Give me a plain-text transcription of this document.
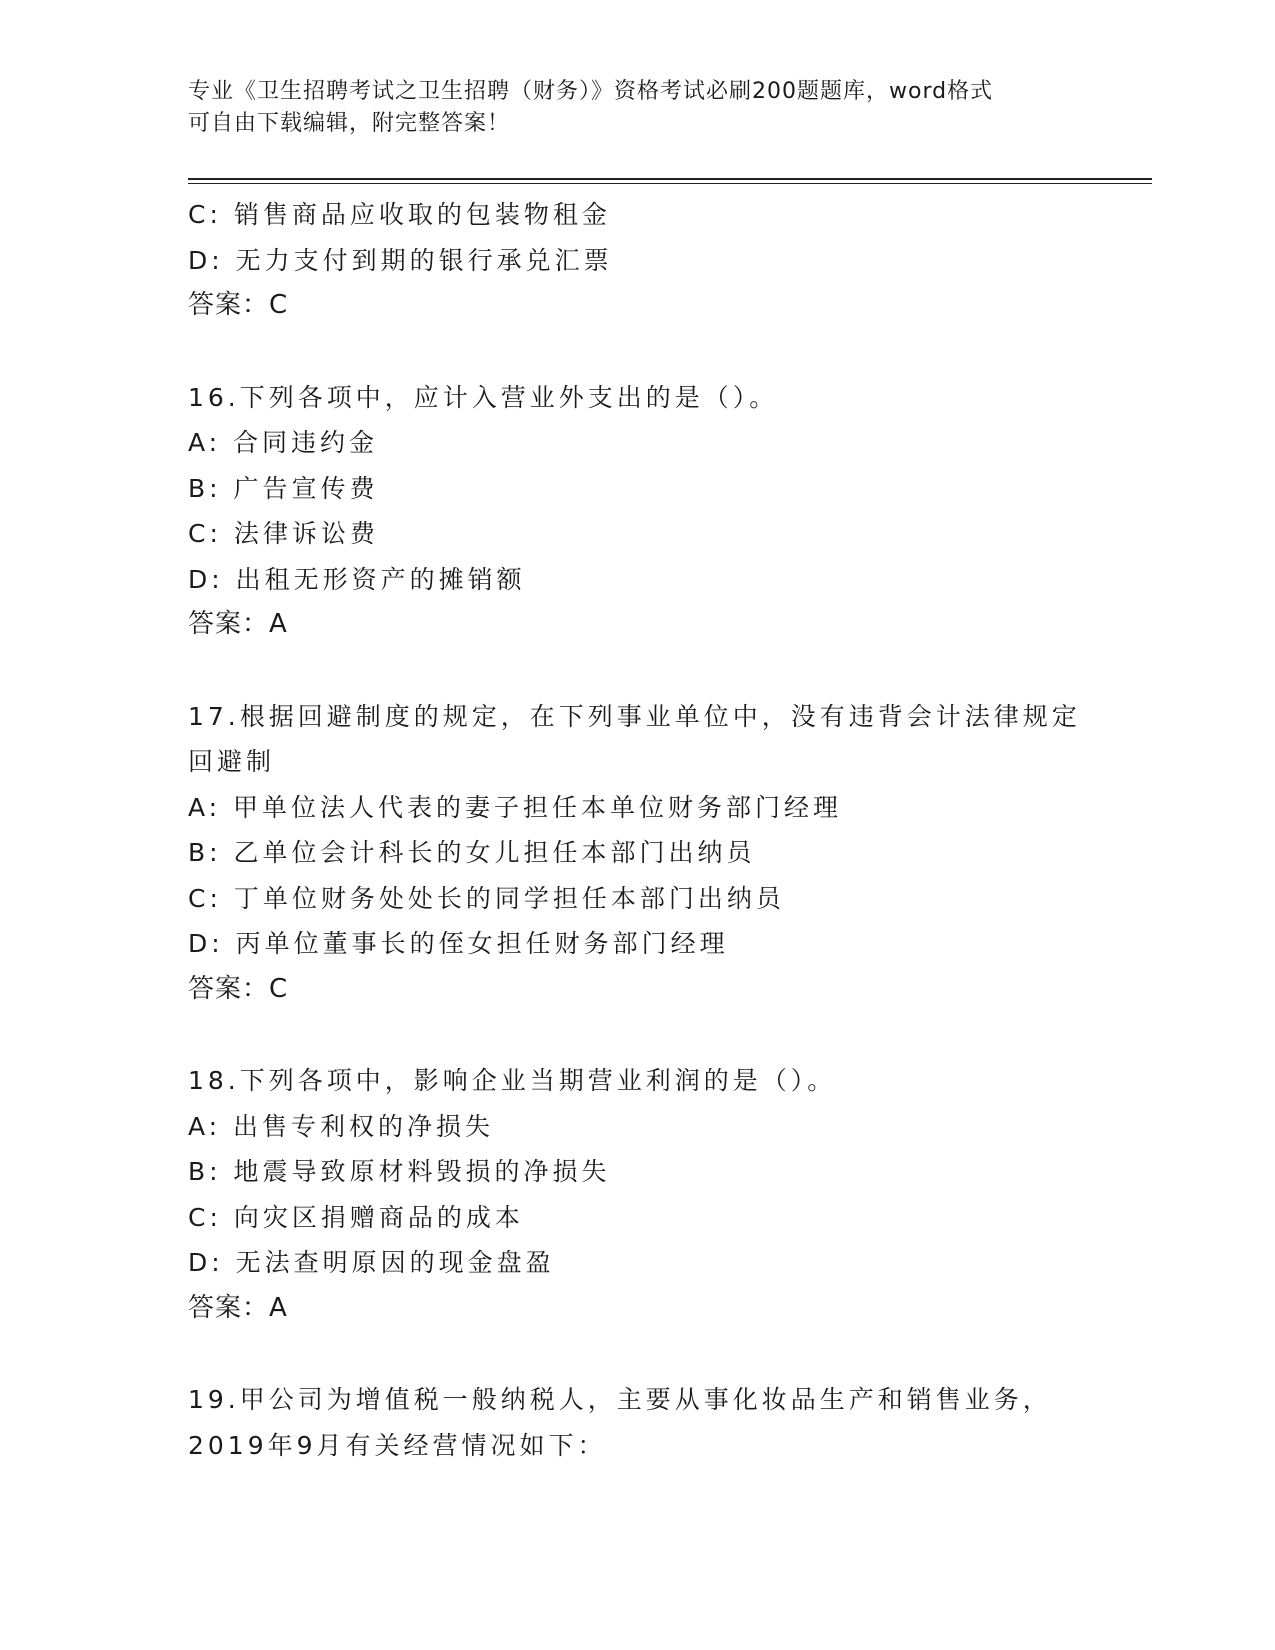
专业《卫生招聘考试之卫生招聘（财务）》资格考试必刷200题题库，word格式
可自由下载编辑，附完整答案！
C: 销售商品应收取的包装物租金
D: 无力支付到期的银行承兑汇票
答案：C
16.下列各项中，应计入营业外支出的是（）。
A: 合同违约金
B: 广告宣传费
C: 法律诉讼费
D: 出租无形资产的摊销额
答案：A
17.根据回避制度的规定，在下列事业单位中，没有违背会计法律规定
回避制
A: 甲单位法人代表的妻子担任本单位财务部门经理
B: 乙单位会计科长的女儿担任本部门出纳员
C: 丁单位财务处处长的同学担任本部门出纳员
D: 丙单位董事长的侄女担任财务部门经理
答案：C
18.下列各项中，影响企业当期营业利润的是（）。
A: 出售专利权的净损失
B: 地震导致原材料毁损的净损失
C: 向灾区捐赠商品的成本
D: 无法查明原因的现金盘盈
答案：A
19.甲公司为增值税一般纳税人，主要从事化妆品生产和销售业务，
2019年9月有关经营情况如下：
